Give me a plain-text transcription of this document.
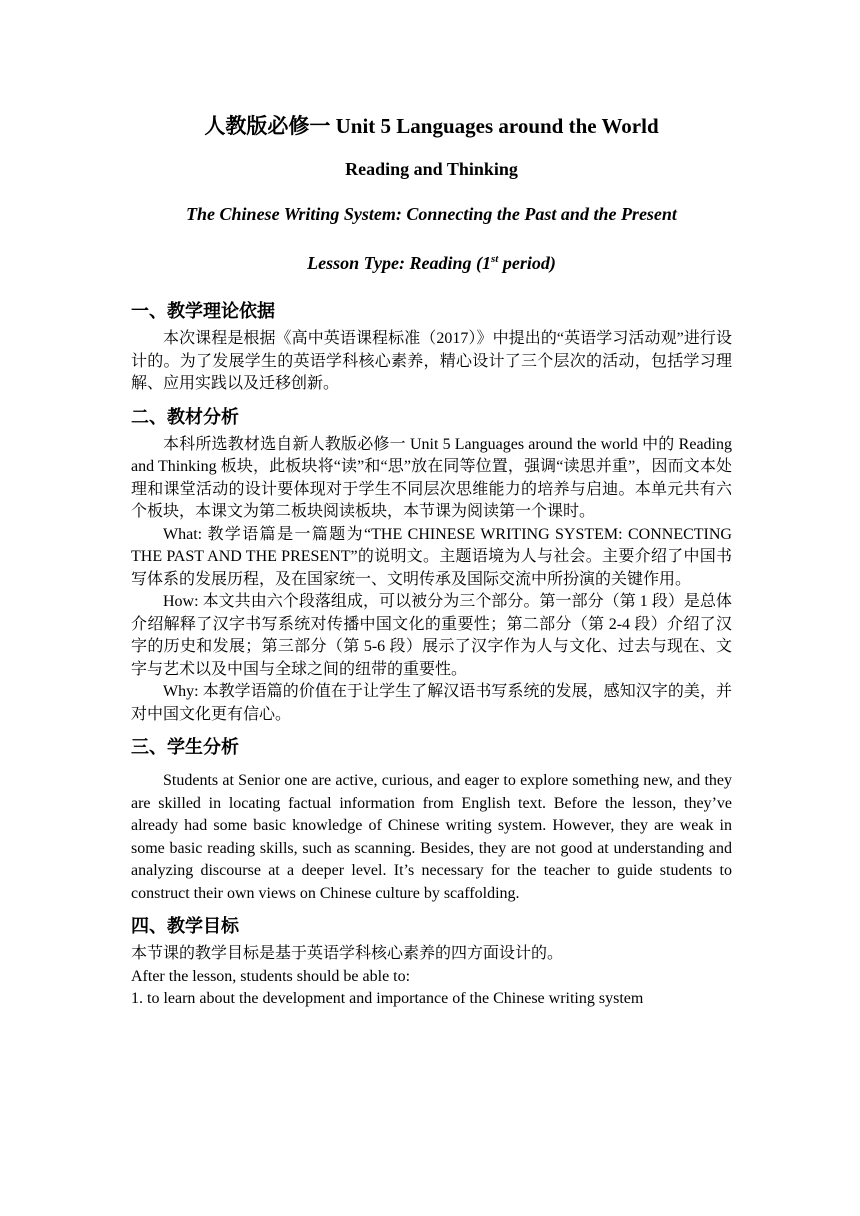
人教版必修一 Unit 5 Languages around the World
Reading and Thinking
The Chinese Writing System: Connecting the Past and the Present
Lesson Type: Reading (1st period)
一、教学理论依据

本次课程是根据《高中英语课程标准（2017）》中提出的“英语学习活动观”进行设计的。为了发展学生的英语学科核心素养，精心设计了三个层次的活动，包括学习理解、应用实践以及迁移创新。

二、教材分析

本科所选教材选自新人教版必修一 Unit 5 Languages around the world 中的 Reading and Thinking 板块，此板块将“读”和“思”放在同等位置，强调“读思并重”，因而文本处理和课堂活动的设计要体现对于学生不同层次思维能力的培养与启迪。本单元共有六个板块，本课文为第二板块阅读板块，本节课为阅读第一个课时。

What: 教学语篇是一篇题为“THE CHINESE WRITING SYSTEM: CONNECTING THE PAST AND THE PRESENT”的说明文。主题语境为人与社会。主要介绍了中国书写体系的发展历程，及在国家统一、文明传承及国际交流中所扮演的关键作用。

How: 本文共由六个段落组成，可以被分为三个部分。第一部分（第 1 段）是总体介绍解释了汉字书写系统对传播中国文化的重要性；第二部分（第 2-4 段）介绍了汉字的历史和发展；第三部分（第 5-6 段）展示了汉字作为人与文化、过去与现在、文字与艺术以及中国与全球之间的纽带的重要性。

Why: 本教学语篇的价值在于让学生了解汉语书写系统的发展，感知汉字的美，并对中国文化更有信心。

三、学生分析

Students at Senior one are active, curious, and eager to explore something new, and they are skilled in locating factual information from English text. Before the lesson, they’ve already had some basic knowledge of Chinese writing system. However, they are weak in some basic reading skills, such as scanning. Besides, they are not good at understanding and analyzing discourse at a deeper level. It’s necessary for the teacher to guide students to construct their own views on Chinese culture by scaffolding.

四、教学目标

本节课的教学目标是基于英语学科核心素养的四方面设计的。

After the lesson, students should be able to:

1. to learn about the development and importance of the Chinese writing system
